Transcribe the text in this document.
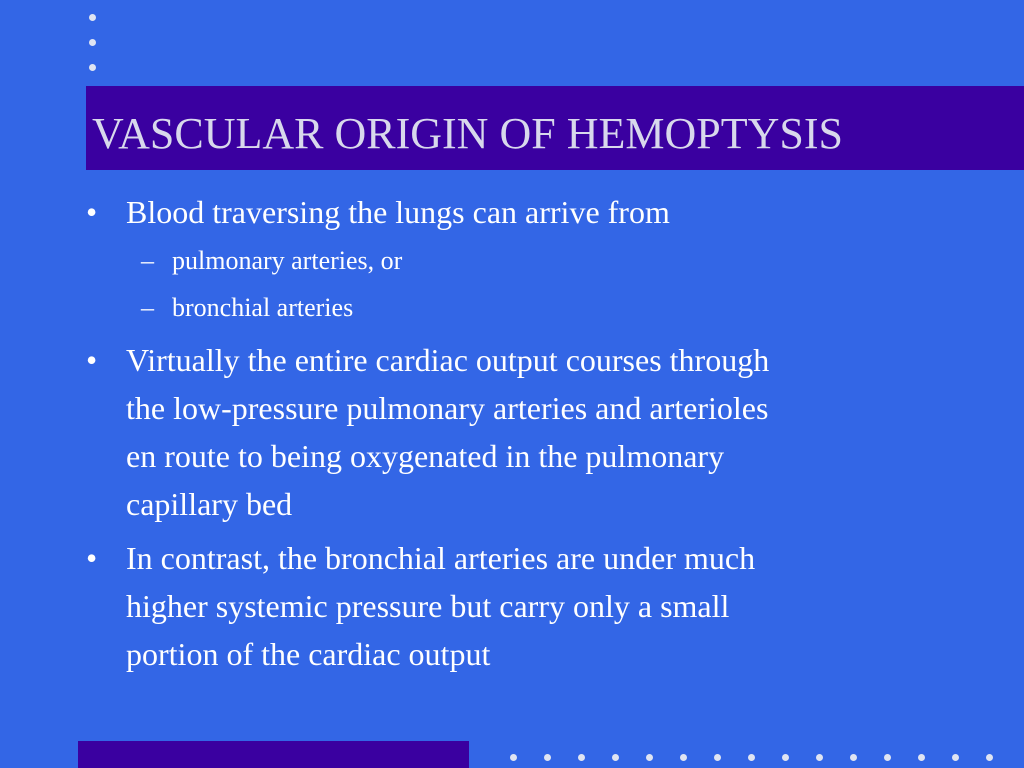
VASCULAR ORIGIN OF HEMOPTYSIS
• Blood traversing the lungs can arrive from
– pulmonary arteries, or
– bronchial arteries
• Virtually the entire cardiac output courses through
the low-pressure pulmonary arteries and arterioles
en route to being oxygenated in the pulmonary
capillary bed
• In contrast, the bronchial arteries are under much
higher systemic pressure but carry only a small
portion of the cardiac output
